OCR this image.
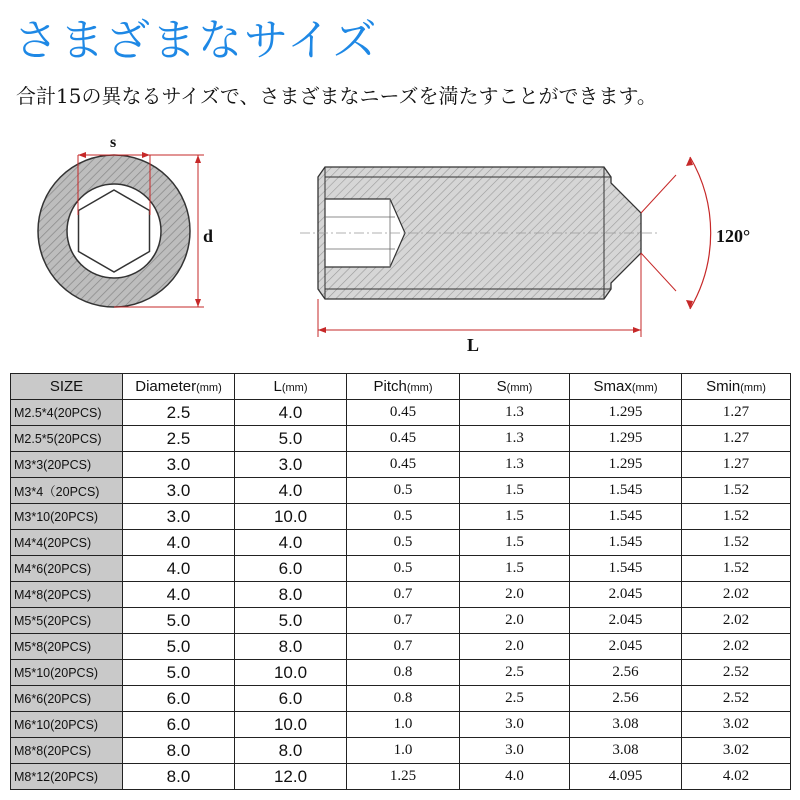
さまざまなサイズ
合計15の異なるサイズで、さまざまなニーズを満たすことができます。
s
d
L
120°
SIZE	Diameter(mm)	L(mm)	Pitch(mm)	S(mm)	Smax(mm)	Smin(mm)
M2.5*4(20PCS)	2.5	4.0	0.45	1.3	1.295	1.27
M2.5*5(20PCS)	2.5	5.0	0.45	1.3	1.295	1.27
M3*3(20PCS)	3.0	3.0	0.45	1.3	1.295	1.27
M3*4（20PCS)	3.0	4.0	0.5	1.5	1.545	1.52
M3*10(20PCS)	3.0	10.0	0.5	1.5	1.545	1.52
M4*4(20PCS)	4.0	4.0	0.5	1.5	1.545	1.52
M4*6(20PCS)	4.0	6.0	0.5	1.5	1.545	1.52
M4*8(20PCS)	4.0	8.0	0.7	2.0	2.045	2.02
M5*5(20PCS)	5.0	5.0	0.7	2.0	2.045	2.02
M5*8(20PCS)	5.0	8.0	0.7	2.0	2.045	2.02
M5*10(20PCS)	5.0	10.0	0.8	2.5	2.56	2.52
M6*6(20PCS)	6.0	6.0	0.8	2.5	2.56	2.52
M6*10(20PCS)	6.0	10.0	1.0	3.0	3.08	3.02
M8*8(20PCS)	8.0	8.0	1.0	3.0	3.08	3.02
M8*12(20PCS)	8.0	12.0	1.25	4.0	4.095	4.02
